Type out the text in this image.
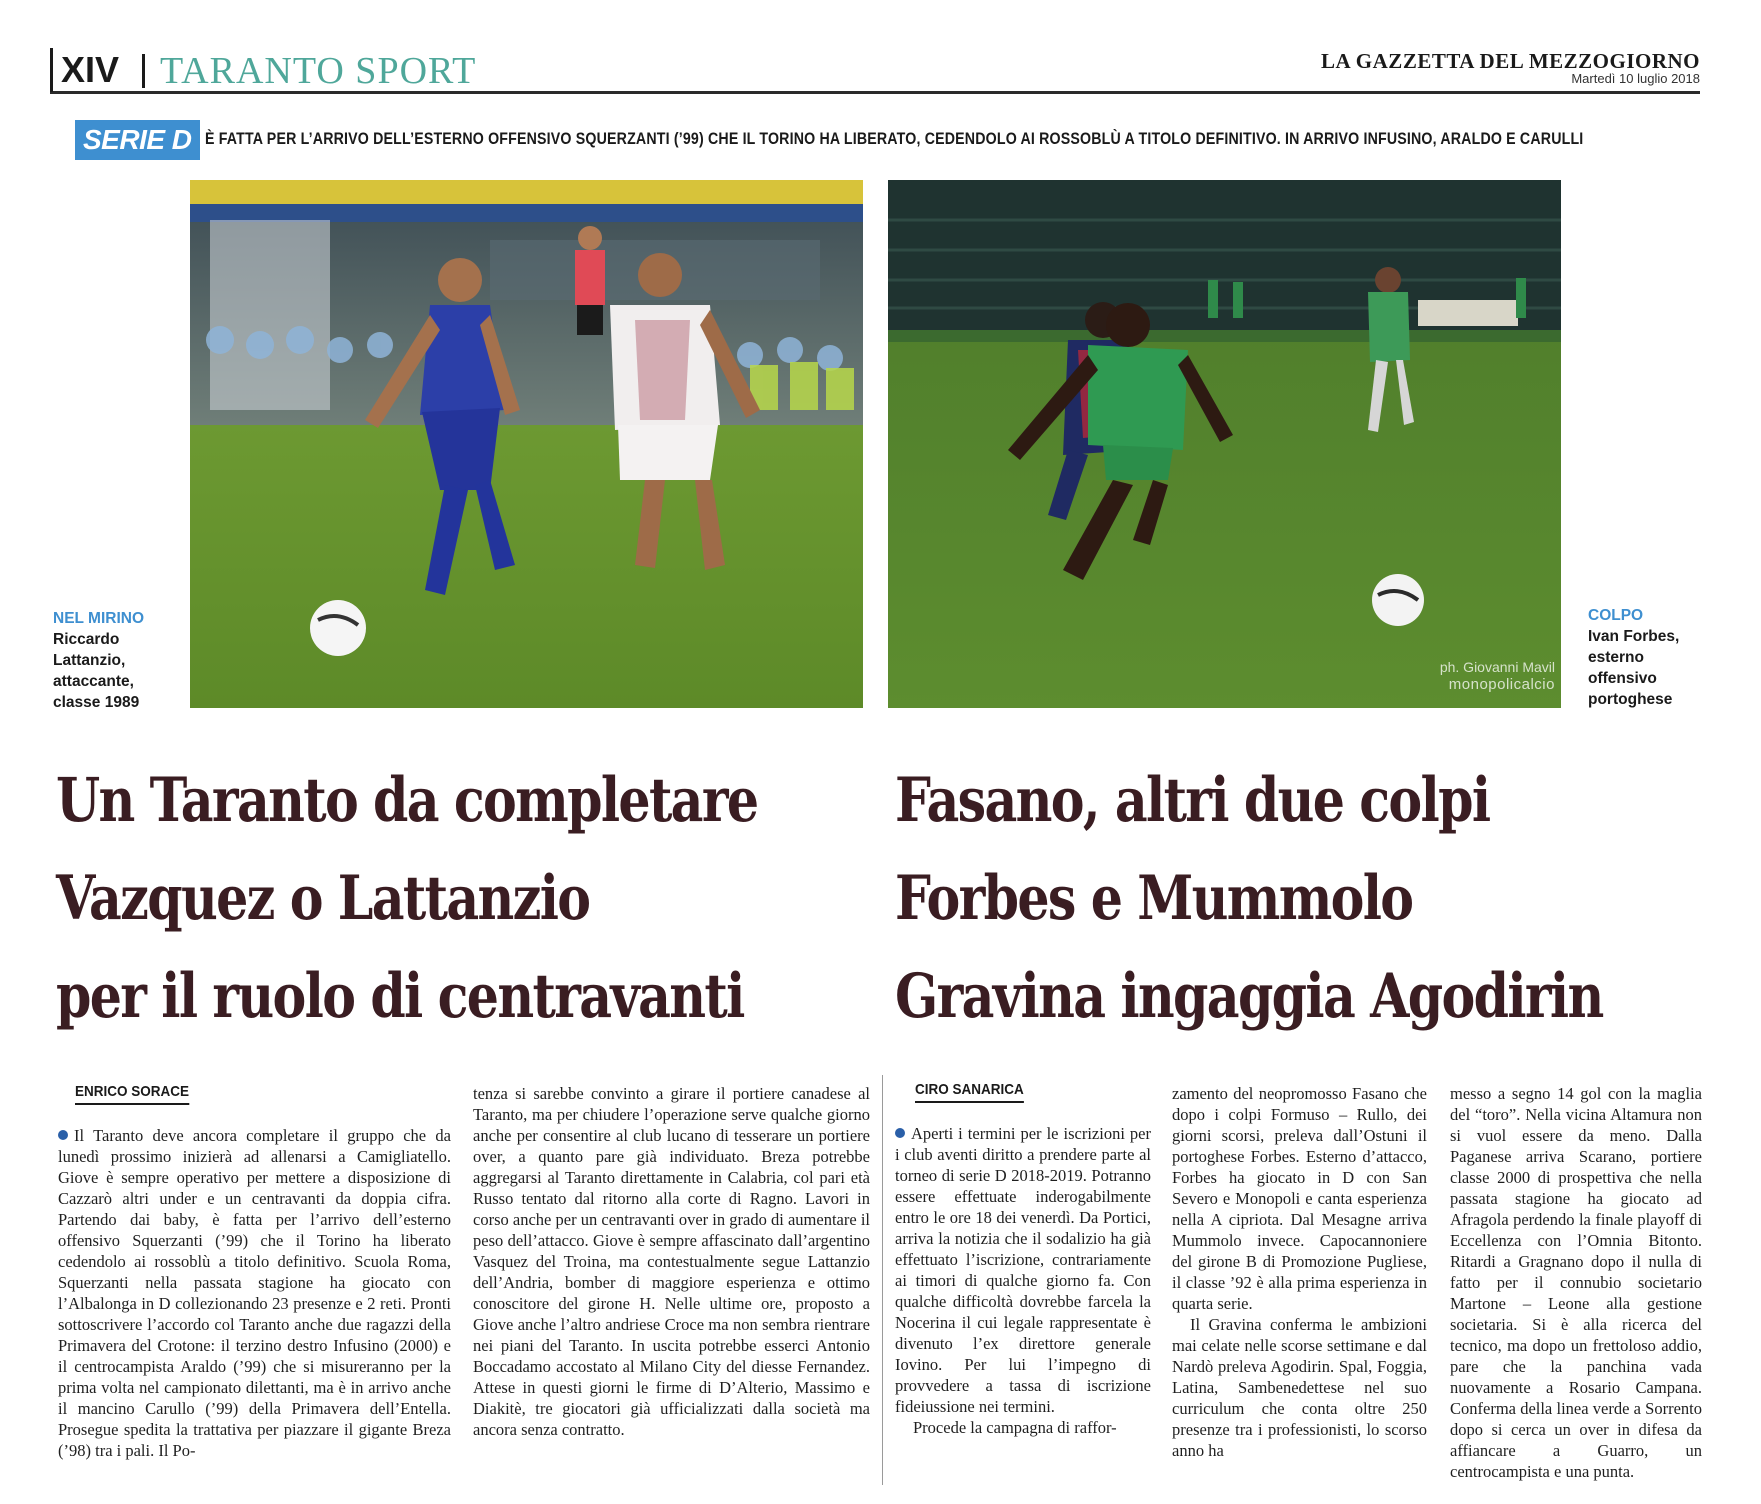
XIV TARANTO SPORT	LA GAZZETTA DEL MEZZOGIORNO
Martedì 10 luglio 2018
SERIE D È FATTA PER L’ARRIVO DELL’ESTERNO OFFENSIVO SQUERZANTI (’99) CHE IL TORINO HA LIBERATO, CEDENDOLO AI ROSSOBLÙ A TITOLO DEFINITIVO. IN ARRIVO INFUSINO, ARALDO E CARULLI
ph. Giovanni Mavil
monopolicalcio
NEL MIRINO
Riccardo
Lattanzio,
attaccante,
classe 1989
COLPO
Ivan Forbes,
esterno
offensivo
portoghese
Un Taranto da completare
Vazquez o Lattanzio
per il ruolo di centravanti
Fasano, altri due colpi
Forbes e Mummolo
Gravina ingaggia Agodirin
ENRICO SORACE	CIRO SANARICA
Il Taranto deve ancora completare il gruppo che da lunedì prossimo inizierà ad allenarsi a Camigliatello. Giove è sempre operativo per mettere a disposizione di Cazzarò altri under e un centravanti da doppia cifra. Partendo dai baby, è fatta per l’arrivo dell’esterno offensivo Squerzanti (’99) che il Torino ha liberato cedendolo ai rossoblù a titolo definitivo. Scuola Roma, Squerzanti nella passata stagione ha giocato con l’Albalonga in D collezionando 23 presenze e 2 reti. Pronti sottoscrivere l’accordo col Taranto anche due ragazzi della Primavera del Crotone: il terzino destro Infusino (2000) e il centrocampista Araldo (’99) che si misureranno per la prima volta nel campionato dilettanti, ma è in arrivo anche il mancino Carullo (’99) della Primavera dell’Entella. Prosegue spedita la trattativa per piazzare il gigante Breza (’98) tra i pali. Il Po-
tenza si sarebbe convinto a girare il portiere canadese al Taranto, ma per chiudere l’operazione serve qualche giorno anche per consentire al club lucano di tesserare un portiere over, a quanto pare già individuato. Breza potrebbe aggregarsi al Taranto direttamente in Calabria, col pari età Russo tentato dal ritorno alla corte di Ragno. Lavori in corso anche per un centravanti over in grado di aumentare il peso dell’attacco. Giove è sempre affascinato dall’argentino Vasquez del Troina, ma contestualmente segue Lattanzio dell’Andria, bomber di maggiore esperienza e ottimo conoscitore del girone H. Nelle ultime ore, proposto a Giove anche l’altro andriese Croce ma non sembra rientrare nei piani del Taranto. In uscita potrebbe esserci Antonio Boccadamo accostato al Milano City del diesse Fernandez. Attese in questi giorni le firme di D’Alterio, Massimo e Diakitè, tre giocatori già ufficializzati dalla società ma ancora senza contratto.

Aperti i termini per le iscrizioni per i club aventi diritto a prendere parte al torneo di serie D 2018-2019. Potranno essere effettuate inderogabilmente entro le ore 18 dei venerdì. Da Portici, arriva la notizia che il sodalizio ha già effettuato l’iscrizione, contrariamente ai timori di qualche giorno fa. Con qualche difficoltà dovrebbe farcela la Nocerina il cui legale rappresentate è divenuto l’ex direttore generale Iovino. Per lui l’impegno di provvedere a tassa di iscrizione fideiussione nei termini.

Procede la campagna di raffor-

zamento del neopromosso Fasano che dopo i colpi Formuso – Rullo, dei giorni scorsi, preleva dall’Ostuni il portoghese Forbes. Esterno d’attacco, Forbes ha giocato in D con San Severo e Monopoli e canta esperienza nella A cipriota. Dal Mesagne arriva Mummolo invece. Capocannoniere del girone B di Promozione Pugliese, il classe ’92 è alla prima esperienza in quarta serie.

Il Gravina conferma le ambizioni mai celate nelle scorse settimane e dal Nardò preleva Agodirin. Spal, Foggia, Latina, Sambenedettese nel suo curriculum che conta oltre 250 presenze tra i professionisti, lo scorso anno ha

messo a segno 14 gol con la maglia del “toro”. Nella vicina Altamura non si vuol essere da meno. Dalla Paganese arriva Scarano, portiere classe 2000 di prospettiva che nella passata stagione ha giocato ad Afragola perdendo la finale playoff di Eccellenza con l’Omnia Bitonto. Ritardi a Gragnano dopo il nulla di fatto per il connubio societario Martone – Leone alla gestione societaria. Si è alla ricerca del tecnico, ma dopo un frettoloso addio, pare che la panchina vada nuovamente a Rosario Campana. Conferma della linea verde a Sorrento dopo si cerca un over in difesa da affiancare a Guarro, un centrocampista e una punta.
